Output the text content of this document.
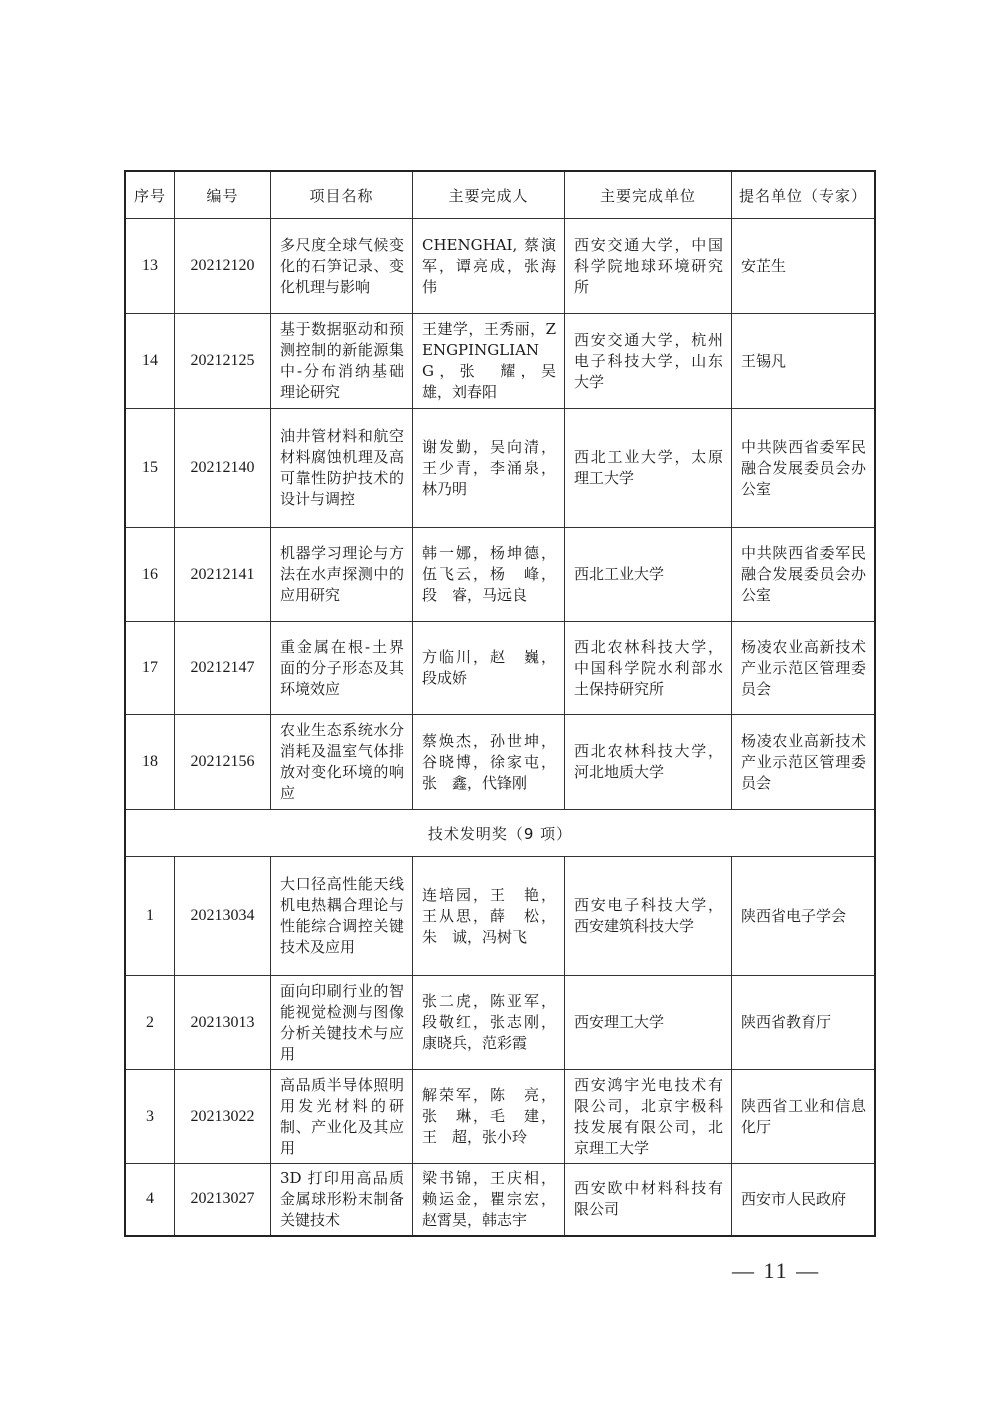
序号	编号	项目名称	主要完成人	主要完成单位	提名单位（专家）

13	20212120	多尺度全球气候变化的石笋记录、变化机理与影响	CHENGHAI, 蔡演军，谭亮成，张海伟	西安交通大学，中国科学院地球环境研究所	安芷生

14	20212125	基于数据驱动和预测控制的新能源集中-分布消纳基础理论研究	王建学，王秀丽，ZENGPINGLIANG，张　耀，吴　雄，刘春阳	西安交通大学，杭州电子科技大学，山东大学	王锡凡

15	20212140	油井管材料和航空材料腐蚀机理及高可靠性防护技术的设计与调控	谢发勤，吴向清，王少青，李涌泉，林乃明	西北工业大学，太原理工大学	中共陕西省委军民融合发展委员会办公室

16	20212141	机器学习理论与方法在水声探测中的应用研究	韩一娜，杨坤德，伍飞云，杨　峰，段　睿，马远良	西北工业大学	中共陕西省委军民融合发展委员会办公室

17	20212147	重金属在根-土界面的分子形态及其环境效应	方临川，赵　巍，段成娇	西北农林科技大学，中国科学院水利部水土保持研究所	杨凌农业高新技术产业示范区管理委员会

18	20212156	农业生态系统水分消耗及温室气体排放对变化环境的响应	蔡焕杰，孙世坤，谷晓博，徐家屯，张　鑫，代锋刚	西北农林科技大学，河北地质大学	杨凌农业高新技术产业示范区管理委员会

技术发明奖（9 项）					

1	20213034	大口径高性能天线机电热耦合理论与性能综合调控关键技术及应用	连培园，王　艳，王从思，薛　松，朱　诚，冯树飞	西安电子科技大学，西安建筑科技大学	陕西省电子学会

2	20213013	面向印刷行业的智能视觉检测与图像分析关键技术与应用	张二虎，陈亚军，段敬红，张志刚，康晓兵，范彩霞	西安理工大学	陕西省教育厅

3	20213022	高品质半导体照明用发光材料的研制、产业化及其应用	解荣军，陈　亮，张　琳，毛　建，王　超，张小玲	西安鸿宇光电技术有限公司，北京宇极科技发展有限公司，北京理工大学	陕西省工业和信息化厅

4	20213027	3D 打印用高品质金属球形粉末制备关键技术	梁书锦，王庆相，赖运金，瞿宗宏，赵霄昊，韩志宇	西安欧中材料科技有限公司	西安市人民政府
— 11 —
